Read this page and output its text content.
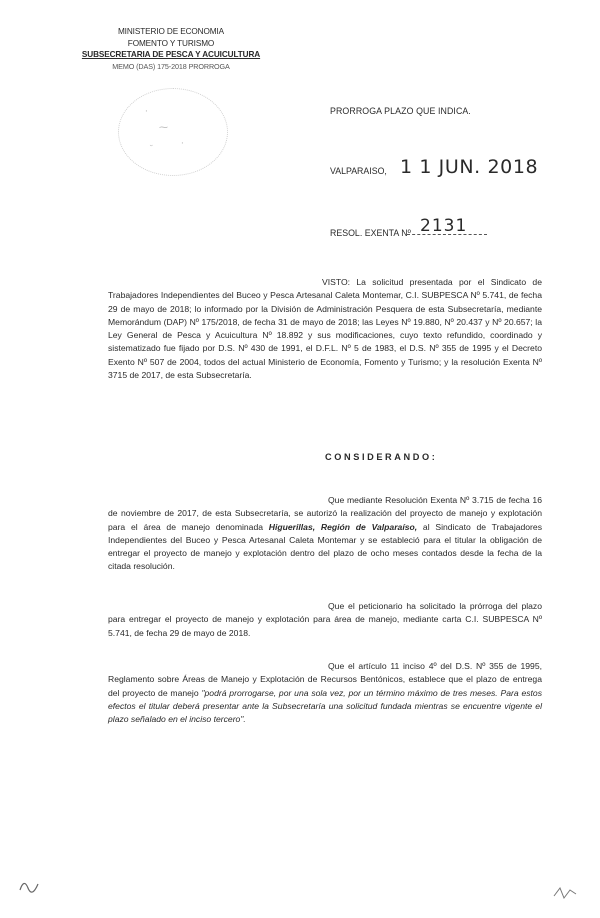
MINISTERIO DE ECONOMIA
FOMENTO Y TURISMO
SUBSECRETARIA DE PESCA Y ACUICULTURA
MEMO (DAS) 175-2018 PRORROGA
·
⁓
·
˘
PRORROGA PLAZO QUE INDICA.
VALPARAISO, 1 1 JUN. 2018
RESOL. EXENTA Nº 2131

VISTO: La solicitud presentada por el Sindicato de Trabajadores Independientes del Buceo y Pesca Artesanal Caleta Montemar, C.I. SUBPESCA Nº 5.741, de fecha 29 de mayo de 2018; lo informado por la División de Administración Pesquera de esta Subsecretaría, mediante Memorándum (DAP) Nº 175/2018, de fecha 31 de mayo de 2018; las Leyes Nº 19.880, Nº 20.437 y Nº 20.657; la Ley General de Pesca y Acuicultura Nº 18.892 y sus modificaciones, cuyo texto refundido, coordinado y sistematizado fue fijado por D.S. Nº 430 de 1991, el D.F.L. Nº 5 de 1983, el D.S. Nº 355 de 1995 y el Decreto Exento Nº 507 de 2004, todos del actual Ministerio de Economía, Fomento y Turismo; y la resolución Exenta Nº 3715 de 2017, de esta Subsecretaría.

CONSIDERANDO:

Que mediante Resolución Exenta Nº 3.715 de fecha 16 de noviembre de 2017, de esta Subsecretaría, se autorizó la realización del proyecto de manejo y explotación para el área de manejo denominada Higuerillas, Región de Valparaíso, al Sindicato de Trabajadores Independientes del Buceo y Pesca Artesanal Caleta Montemar y se estableció para el titular la obligación de entregar el proyecto de manejo y explotación dentro del plazo de ocho meses contados desde la fecha de la citada resolución.

Que el peticionario ha solicitado la prórroga del plazo para entregar el proyecto de manejo y explotación para área de manejo, mediante carta C.I. SUBPESCA Nº 5.741, de fecha 29 de mayo de 2018.

Que el artículo 11 inciso 4º del D.S. Nº 355 de 1995, Reglamento sobre Áreas de Manejo y Explotación de Recursos Bentónicos, establece que el plazo de entrega del proyecto de manejo "podrá prorrogarse, por una sola vez, por un término máximo de tres meses. Para estos efectos el titular deberá presentar ante la Subsecretaría una solicitud fundada mientras se encuentre vigente el plazo señalado en el inciso tercero".
